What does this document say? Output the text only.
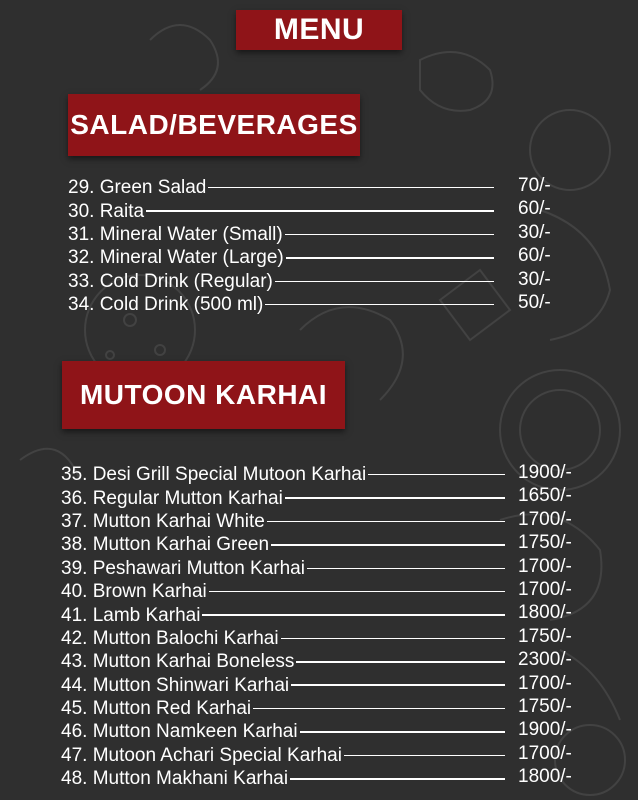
MENU
SALAD/BEVERAGES
29. Green Salad	70/-
30. Raita	60/-
31. Mineral Water (Small)	30/-
32. Mineral Water (Large)	60/-
33. Cold Drink (Regular)	30/-
34. Cold Drink (500 ml)	50/-
MUTOON KARHAI
35. Desi Grill Special Mutoon Karhai	1900/-
36. Regular Mutton Karhai	1650/-
37. Mutton Karhai White	1700/-
38. Mutton Karhai Green	1750/-
39. Peshawari Mutton Karhai	1700/-
40. Brown Karhai	1700/-
41. Lamb Karhai	1800/-
42. Mutton Balochi Karhai	1750/-
43. Mutton Karhai Boneless	2300/-
44. Mutton Shinwari Karhai	1700/-
45. Mutton Red Karhai	1750/-
46. Mutton Namkeen Karhai	1900/-
47. Mutoon Achari Special Karhai	1700/-
48. Mutton Makhani Karhai	1800/-
